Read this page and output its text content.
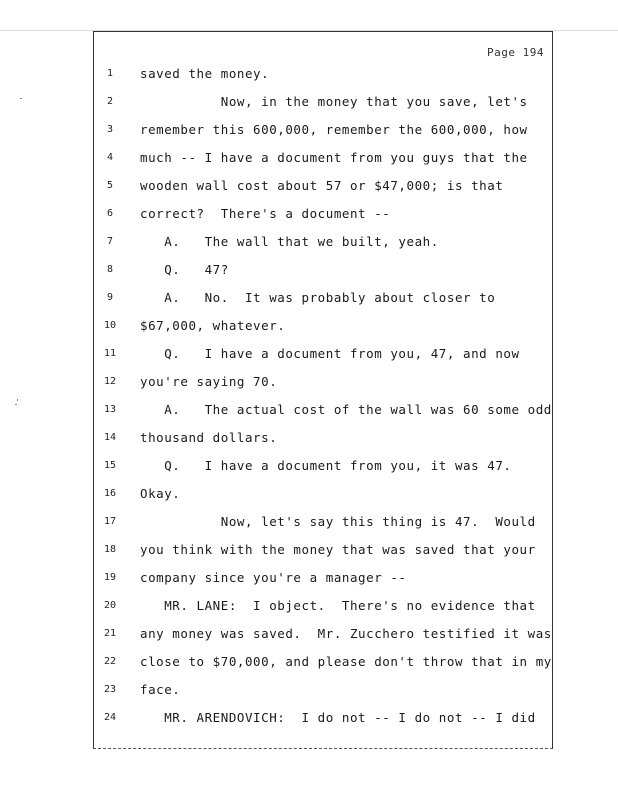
Page 194
1	saved the money.
2	Now, in the money that you save, let's
3	remember this 600,000, remember the 600,000, how
4	much -- I have a document from you guys that the
5	wooden wall cost about 57 or $47,000; is that
6	correct?  There's a document --
7	A.   The wall that we built, yeah.
8	Q.   47?
9	A.   No.  It was probably about closer to
10 $67,000, whatever.
11 Q.   I have a document from you, 47, and now
12 you're saying 70.
13 A.   The actual cost of the wall was 60 some odd
14 thousand dollars.
15 Q.   I have a document from you, it was 47.
16 Okay.
17 Now, let's say this thing is 47.  Would
18 you think with the money that was saved that your
19 company since you're a manager --
20 MR. LANE:  I object.  There's no evidence that
21 any money was saved.  Mr. Zucchero testified it was
22 close to $70,000, and please don't throw that in my
23 face.
24 MR. ARENDOVICH:  I do not -- I do not -- I did
